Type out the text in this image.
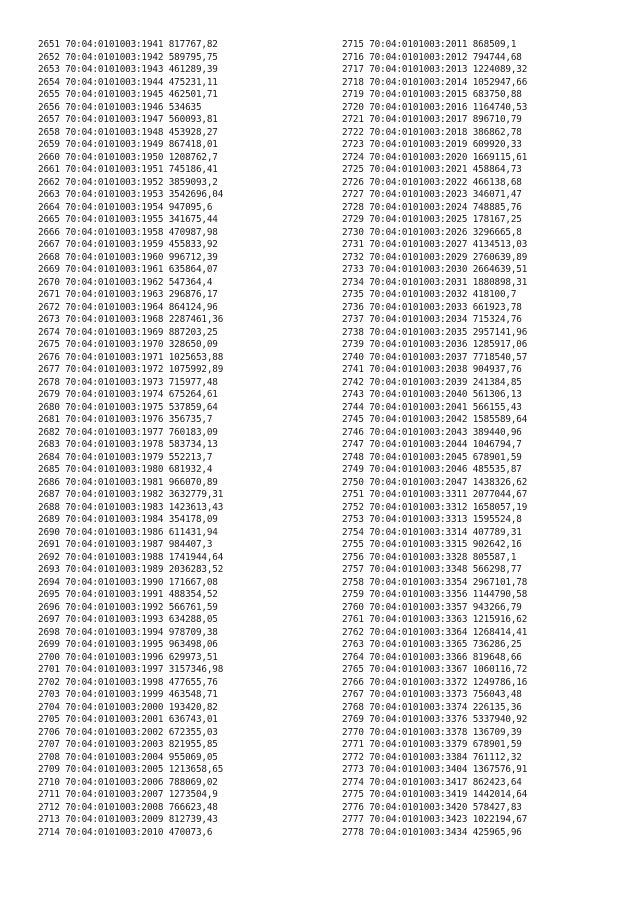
2651 70:04:0101003:1941 817767,82
2652 70:04:0101003:1942 589795,75
2653 70:04:0101003:1943 461289,39
2654 70:04:0101003:1944 475231,11
2655 70:04:0101003:1945 462501,71
2656 70:04:0101003:1946 534635
2657 70:04:0101003:1947 560093,81
2658 70:04:0101003:1948 453928,27
2659 70:04:0101003:1949 867418,01
2660 70:04:0101003:1950 1208762,7
2661 70:04:0101003:1951 745186,41
2662 70:04:0101003:1952 3859093,2
2663 70:04:0101003:1953 3542696,04
2664 70:04:0101003:1954 947095,6
2665 70:04:0101003:1955 341675,44
2666 70:04:0101003:1958 470987,98
2667 70:04:0101003:1959 455833,92
2668 70:04:0101003:1960 996712,39
2669 70:04:0101003:1961 635864,07
2670 70:04:0101003:1962 547364,4
2671 70:04:0101003:1963 296876,17
2672 70:04:0101003:1964 864124,96
2673 70:04:0101003:1968 2287461,36
2674 70:04:0101003:1969 887203,25
2675 70:04:0101003:1970 328650,09
2676 70:04:0101003:1971 1025653,88
2677 70:04:0101003:1972 1075992,89
2678 70:04:0101003:1973 715977,48
2679 70:04:0101003:1974 675264,61
2680 70:04:0101003:1975 537859,64
2681 70:04:0101003:1976 356735,7
2682 70:04:0101003:1977 760183,09
2683 70:04:0101003:1978 583734,13
2684 70:04:0101003:1979 552213,7
2685 70:04:0101003:1980 681932,4
2686 70:04:0101003:1981 966070,89
2687 70:04:0101003:1982 3632779,31
2688 70:04:0101003:1983 1423613,43
2689 70:04:0101003:1984 354178,09
2690 70:04:0101003:1986 611431,94
2691 70:04:0101003:1987 984407,3
2692 70:04:0101003:1988 1741944,64
2693 70:04:0101003:1989 2036283,52
2694 70:04:0101003:1990 171667,08
2695 70:04:0101003:1991 488354,52
2696 70:04:0101003:1992 566761,59
2697 70:04:0101003:1993 634288,05
2698 70:04:0101003:1994 978709,38
2699 70:04:0101003:1995 963498,06
2700 70:04:0101003:1996 629973,51
2701 70:04:0101003:1997 3157346,98
2702 70:04:0101003:1998 477655,76
2703 70:04:0101003:1999 463548,71
2704 70:04:0101003:2000 193420,82
2705 70:04:0101003:2001 636743,01
2706 70:04:0101003:2002 672355,03
2707 70:04:0101003:2003 821955,85
2708 70:04:0101003:2004 955069,05
2709 70:04:0101003:2005 1213658,65
2710 70:04:0101003:2006 788069,02
2711 70:04:0101003:2007 1273504,9
2712 70:04:0101003:2008 766623,48
2713 70:04:0101003:2009 812739,43
2714 70:04:0101003:2010 470073,6
2715 70:04:0101003:2011 868509,1
2716 70:04:0101003:2012 794744,68
2717 70:04:0101003:2013 1224089,32
2718 70:04:0101003:2014 1052947,66
2719 70:04:0101003:2015 683750,88
2720 70:04:0101003:2016 1164740,53
2721 70:04:0101003:2017 896710,79
2722 70:04:0101003:2018 386862,78
2723 70:04:0101003:2019 609920,33
2724 70:04:0101003:2020 1669115,61
2725 70:04:0101003:2021 458864,73
2726 70:04:0101003:2022 466138,68
2727 70:04:0101003:2023 346071,47
2728 70:04:0101003:2024 748885,76
2729 70:04:0101003:2025 178167,25
2730 70:04:0101003:2026 3296665,8
2731 70:04:0101003:2027 4134513,03
2732 70:04:0101003:2029 2760639,89
2733 70:04:0101003:2030 2664639,51
2734 70:04:0101003:2031 1880898,31
2735 70:04:0101003:2032 418100,7
2736 70:04:0101003:2033 661923,78
2737 70:04:0101003:2034 715324,76
2738 70:04:0101003:2035 2957141,96
2739 70:04:0101003:2036 1285917,06
2740 70:04:0101003:2037 7718540,57
2741 70:04:0101003:2038 904937,76
2742 70:04:0101003:2039 241384,85
2743 70:04:0101003:2040 561306,13
2744 70:04:0101003:2041 566155,43
2745 70:04:0101003:2042 1585589,64
2746 70:04:0101003:2043 389440,96
2747 70:04:0101003:2044 1046794,7
2748 70:04:0101003:2045 678901,59
2749 70:04:0101003:2046 485535,87
2750 70:04:0101003:2047 1438326,62
2751 70:04:0101003:3311 2077044,67
2752 70:04:0101003:3312 1658057,19
2753 70:04:0101003:3313 1595524,8
2754 70:04:0101003:3314 407789,31
2755 70:04:0101003:3315 902642,16
2756 70:04:0101003:3328 805587,1
2757 70:04:0101003:3348 566298,77
2758 70:04:0101003:3354 2967101,78
2759 70:04:0101003:3356 1144790,58
2760 70:04:0101003:3357 943266,79
2761 70:04:0101003:3363 1215916,62
2762 70:04:0101003:3364 1268414,41
2763 70:04:0101003:3365 736286,25
2764 70:04:0101003:3366 819648,66
2765 70:04:0101003:3367 1060116,72
2766 70:04:0101003:3372 1249786,16
2767 70:04:0101003:3373 756043,48
2768 70:04:0101003:3374 226135,36
2769 70:04:0101003:3376 5337940,92
2770 70:04:0101003:3378 136709,39
2771 70:04:0101003:3379 678901,59
2772 70:04:0101003:3384 761112,32
2773 70:04:0101003:3404 1367576,91
2774 70:04:0101003:3417 862423,64
2775 70:04:0101003:3419 1442014,64
2776 70:04:0101003:3420 578427,83
2777 70:04:0101003:3423 1022194,67
2778 70:04:0101003:3434 425965,96
